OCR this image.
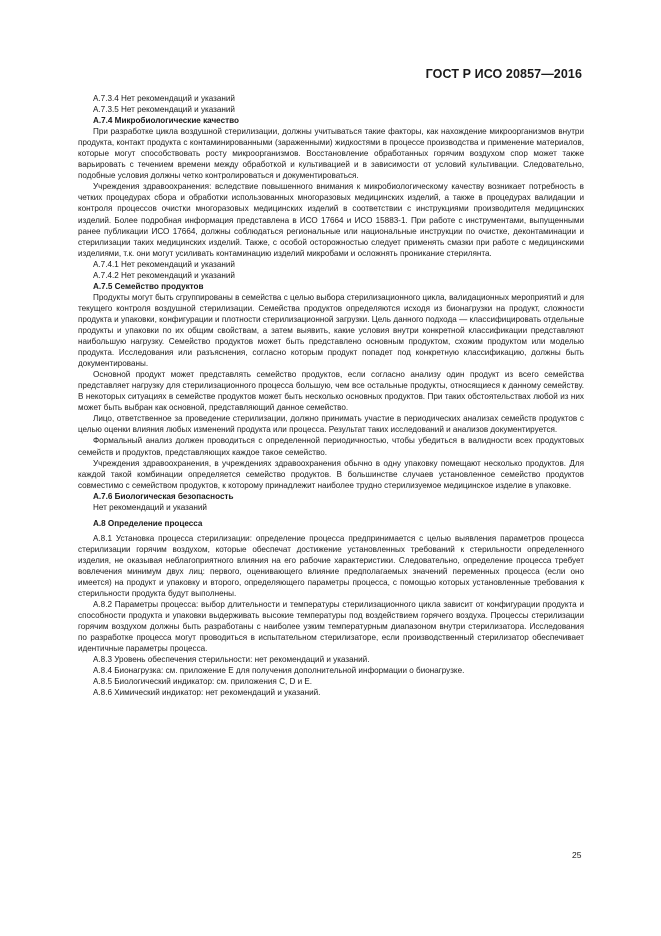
ГОСТ Р ИСО 20857—2016

А.7.3.4 Нет рекомендаций и указаний

А.7.3.5 Нет рекомендаций и указаний

А.7.4 Микробиологические качество

При разработке цикла воздушной стерилизации, должны учитываться такие факторы, как нахождение микроорганизмов внутри продукта, контакт продукта с контаминированными (зараженными) жидкостями в процессе производства и применение материалов, которые могут способствовать росту микроорганизмов. Восстановление обработанных горячим воздухом спор может также варьировать с течением времени между обработкой и культивацией и в зависимости от условий культивации. Следовательно, подобные условия должны четко контролироваться и документироваться.

Учреждения здравоохранения: вследствие повышенного внимания к микробиологическому качеству возникает потребность в четких процедурах сбора и обработки использованных многоразовых медицинских изделий, а также в процедурах валидации и контроля процессов очистки многоразовых медицинских изделий в соответствии с инструкциями производителя медицинских изделий. Более подробная информация представлена в ИСО 17664 и ИСО 15883-1. При работе с инструментами, выпущенными ранее публикации ИСО 17664, должны соблюдаться региональные или национальные инструкции по очистке, деконтаминации и стерилизации таких медицинских изделий. Также, с особой осторожностью следует применять смазки при работе с медицинскими изделиями, т.к. они могут усиливать контаминацию изделий микробами и осложнять проникание стерилянта.

А.7.4.1 Нет рекомендаций и указаний

А.7.4.2 Нет рекомендаций и указаний

А.7.5 Семейство продуктов

Продукты могут быть сгруппированы в семейства с целью выбора стерилизационного цикла, валидационных мероприятий и для текущего контроля воздушной стерилизации. Семейства продуктов определяются исходя из бионагрузки на продукт, сложности продукта и упаковки, конфигурации и плотности стерилизационной загрузки. Цель данного подхода — классифицировать отдельные продукты и упаковки по их общим свойствам, а затем выявить, какие условия внутри конкретной классификации представляют наибольшую нагрузку. Семейство продуктов может быть представлено основным продуктом, схожим продуктом или моделью продукта. Исследования или разъяснения, согласно которым продукт попадет под конкретную классификацию, должны быть документированы.

Основной продукт может представлять семейство продуктов, если согласно анализу один продукт из всего семейства представляет нагрузку для стерилизационного процесса большую, чем все остальные продукты, относящиеся к данному семейству. В некоторых ситуациях в семействе продуктов может быть несколько основных продуктов. При таких обстоятельствах любой из них может быть выбран как основной, представляющий данное семейство.

Лицо, ответственное за проведение стерилизации, должно принимать участие в периодических анализах семейств продуктов с целью оценки влияния любых изменений продукта или процесса. Результат таких исследований и анализов документируется.

Формальный анализ должен проводиться с определенной периодичностью, чтобы убедиться в валидности всех продуктовых семейств и продуктов, представляющих каждое такое семейство.

Учреждения здравоохранения, в учреждениях здравоохранения обычно в одну упаковку помещают несколько продуктов. Для каждой такой комбинации определяется семейство продуктов. В большинстве случаев установленное семейство продуктов совместимо с семейством продуктов, к которому принадлежит наиболее трудно стерилизуемое медицинское изделие в упаковке.

А.7.6 Биологическая безопасность

Нет рекомендаций и указаний

А.8 Определение процесса

А.8.1 Установка процесса стерилизации: определение процесса предпринимается с целью выявления параметров процесса стерилизации горячим воздухом, которые обеспечат достижение установленных требований к стерильности определенного изделия, не оказывая неблагоприятного влияния на его рабочие характеристики. Следовательно, определение процесса требует вовлечения минимум двух лиц: первого, оценивающего влияние предполагаемых значений переменных процесса (если оно имеется) на продукт и упаковку и второго, определяющего параметры процесса, с помощью которых установленные требования к стерильности продукта будут выполнены.

А.8.2 Параметры процесса: выбор длительности и температуры стерилизационного цикла зависит от конфигурации продукта и способности продукта и упаковки выдерживать высокие температуры под воздействием горячего воздуха. Процессы стерилизации горячим воздухом должны быть разработаны с наиболее узким температурным диапазоном внутри стерилизатора. Исследования по разработке процесса могут проводиться в испытательном стерилизаторе, если производственный стерилизатор обеспечивает идентичные параметры процесса.

А.8.3 Уровень обеспечения стерильности: нет рекомендаций и указаний.

А.8.4 Бионагрузка: см. приложение Е для получения дополнительной информации о бионагрузке.

А.8.5 Биологический индикатор: см. приложения С, D и Е.

А.8.6 Химический индикатор: нет рекомендаций и указаний.

25
